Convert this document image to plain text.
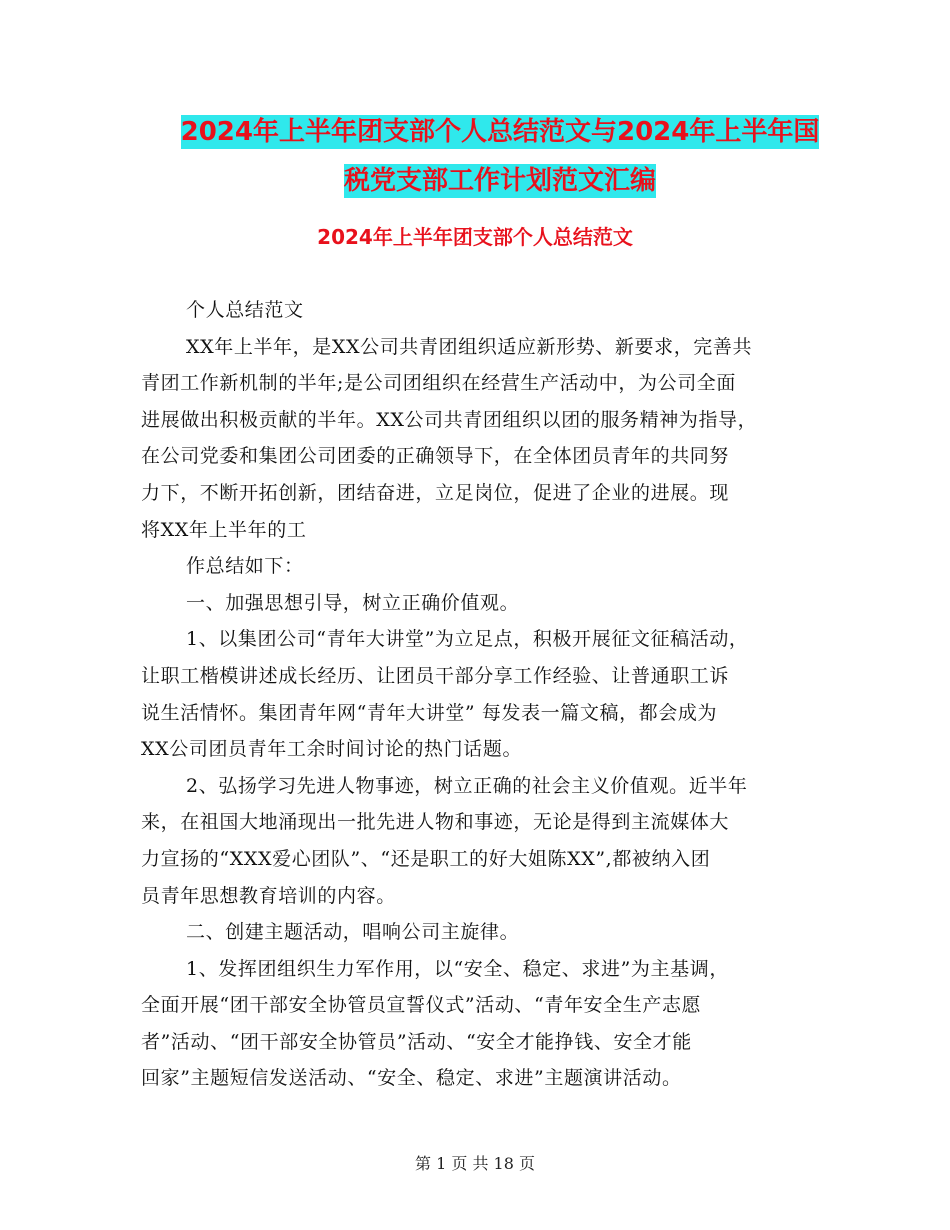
2024年上半年团支部个人总结范文与2024年上半年国
税党支部工作计划范文汇编
2024年上半年团支部个人总结范文

个人总结范文

XX年上半年，是XX公司共青团组织适应新形势、新要求，完善共

青团工作新机制的半年;是公司团组织在经营生产活动中，为公司全面

进展做出积极贡献的半年。XX公司共青团组织以团的服务精神为指导，

在公司党委和集团公司团委的正确领导下，在全体团员青年的共同努

力下，不断开拓创新，团结奋进，立足岗位，促进了企业的进展。现

将XX年上半年的工

作总结如下：

一、加强思想引导，树立正确价值观。

1、以集团公司“青年大讲堂”为立足点，积极开展征文征稿活动，

让职工楷模讲述成长经历、让团员干部分享工作经验、让普通职工诉

说生活情怀。集团青年网“青年大讲堂” 每发表一篇文稿，都会成为

XX公司团员青年工余时间讨论的热门话题。

2、弘扬学习先进人物事迹，树立正确的社会主义价值观。近半年

来，在祖国大地涌现出一批先进人物和事迹，无论是得到主流媒体大

力宣扬的“XXX爱心团队”、“还是职工的好大姐陈XX”,都被纳入团

员青年思想教育培训的内容。

二、创建主题活动，唱响公司主旋律。

1、发挥团组织生力军作用，以“安全、稳定、求进”为主基调，

全面开展“团干部安全协管员宣誓仪式”活动、“青年安全生产志愿

者”活动、“团干部安全协管员”活动、“安全才能挣钱、安全才能

回家”主题短信发送活动、“安全、稳定、求进”主题演讲活动。

第 1 页 共 18 页
